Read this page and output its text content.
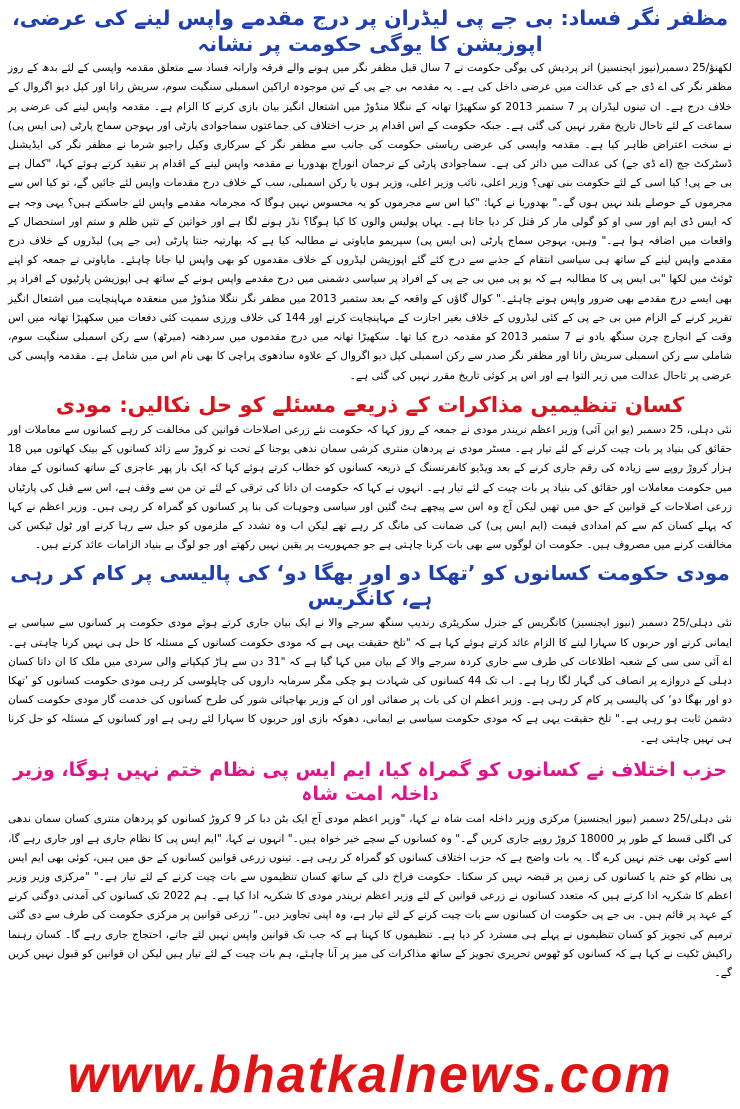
مظفر نگر فساد: بی جے پی لیڈران پر درج مقدمے واپس لینے کی عرضی، اپوزیشن کا یوگی حکومت پر نشانہ

لکھنؤ/25 دسمبر(نیوز ایجنسیز) اتر پردیش کی یوگی حکومت نے 7 سال قبل مظفر نگر میں ہونے والے فرقہ وارانہ فساد سے متعلق مقدمہ واپسی کے لئے بدھ کے روز مظفر نگر کی اے ڈی جے کی عدالت میں عرضی داخل کی ہے۔ یہ مقدمہ بی جے پی کے تین موجودہ اراکین اسمبلی سنگیت سوم، سریش رانا اور کپل دیو اگروال کے خلاف درج ہے۔ ان تینوں لیڈران پر 7 ستمبر 2013 کو سکھیڑا تھانہ کے ننگلا منڈوڑ میں اشتعال انگیز بیان بازی کرنے کا الزام ہے۔ مقدمہ واپس لینے کی عرضی پر سماعت کے لئے تاحال تاریخ مقرر نہیں کی گئی ہے۔ جبکہ حکومت کے اس اقدام پر حزب اختلاف کی جماعتوں سماجوادی پارٹی اور بہوجن سماج پارٹی (بی ایس پی) نے سخت اعتراض ظاہر کیا ہے۔ مقدمہ واپسی کی عرضی ریاستی حکومت کی جانب سے مظفر نگر کے سرکاری وکیل راجیو شرما نے مظفر نگر کی ایڈیشنل ڈسٹرکٹ جج (اے ڈی جے) کی عدالت میں دائر کی ہے۔ سماجوادی پارٹی کے ترجمان انوراج بھدوریا نے مقدمہ واپس لینے کے اقدام پر تنقید کرتے ہوئے کہا، "کمال ہے بی جے پی! کیا اسی کے لئے حکومت بنی تھی؟ وزیر اعلی، نائب وزیر اعلی، وزیر ہوں یا رکن اسمبلی، سب کے خلاف درج مقدمات واپس لئے جائیں گے، تو کیا اس سے مجرموں کے حوصلے بلند نہیں ہوں گے۔" بھدوریا نے کہا: "کیا اس سے مجرموں کو یہ محسوس نہیں ہوگا کہ مجرمانہ مقدمے واپس لئے جاسکتے ہیں؟ یہی وجہ ہے کہ ایس ڈی ایم اور سی او کو گولی مار کر قتل کر دیا جاتا ہے۔ یہاں پولیس والوں کا کیا ہوگا؟ نڈر ہونے لگا ہے اور خواتین کے تئیں ظلم و ستم اور استحصال کے واقعات میں اضافہ ہوا ہے۔" وہیں، بہوجن سماج پارٹی (بی ایس پی) سپریمو مایاوتی نے مطالبہ کیا ہے کہ بھارتیہ جنتا پارٹی (بی جے پی) لیڈروں کے خلاف درج مقدمے واپس لینے کے ساتھ ہی سیاسی انتقام کے جذبے سے درج کئے گئے اپوزیشن لیڈروں کے خلاف مقدموں کو بھی واپس لیا جانا چاہئے۔ مایاوتی نے جمعہ کو اپنے ٹوئٹ میں لکھا "بی ایس پی کا مطالبہ ہے کہ یو پی میں بی جے پی کے افراد پر سیاسی دشمنی میں درج مقدمے واپس ہونے کے ساتھ ہی اپوزیشن پارٹیوں کے افراد پر بھی ایسے درج مقدمے بھی ضرور واپس ہونے چاہئے۔" کوال گاؤں کے واقعہ کے بعد ستمبر 2013 میں مظفر نگر ننگلا منڈوڑ میں منعقدہ مہاپنچایت میں اشتعال انگیز تقریر کرنے کے الزام میں بی جے پی کے کئی لیڈروں کے خلاف بغیر اجازت کے مہاپنچایت کرنے اور 144 کی خلاف ورزی سمیت کئی دفعات میں سکھیڑا تھانہ میں اس وقت کے انچارج چرن سنگھ یادو نے 7 ستمبر 2013 کو مقدمہ درج کیا تھا۔ سکھیڑا تھانہ میں درج مقدموں میں سردھنہ (میرٹھ) سے رکن اسمبلی سنگیت سوم، شاملی سے رکن اسمبلی سریش رانا اور مظفر نگر صدر سے رکن اسمبلی کپل دیو اگروال کے علاوہ سادھوی پراچی کا بھی نام اس میں شامل ہے۔ مقدمہ واپسی کی عرضی پر تاحال عدالت میں زیر التوا ہے اور اس پر کوئی تاریخ مقرر نہیں کی گئی ہے۔

کسان تنظیمیں مذاکرات کے ذریعے مسئلے کو حل نکالیں: مودی

نئی دہلی، 25 دسمبر (یو این آئی) وزیر اعظم نریندر مودی نے جمعہ کے روز کہا کہ حکومت نئے زرعی اصلاحات قوانین کی مخالفت کر رہے کسانوں سے معاملات اور حقائق کی بنیاد پر بات چیت کرنے کے لئے تیار ہے۔ مسٹر مودی نے پردھان منتری کرشی سمان ندھی یوجنا کے تحت نو کروڑ سے زائد کسانوں کے بینک کھاتوں میں 18 ہزار کروڑ روپے سے زیادہ کی رقم جاری کرنے کے بعد ویڈیو کانفرنسنگ کے ذریعہ کسانوں کو خطاب کرتے ہوئے کہا کہ ایک بار پھر عاجزی کے ساتھ کسانوں کے مفاد میں حکومت معاملات اور حقائق کی بنیاد پر بات چیت کے لئے تیار ہے۔ انہوں نے کہا کہ حکومت ان داتا کی ترقی کے لئے تن من سے وقف ہے، اس سے قبل کی پارٹیاں زرعی اصلاحات کے قوانین کے حق میں تھیں لیکن آج وہ اس سے پیچھے ہٹ گئیں اور سیاسی وجوہات کی بنا پر کسانوں کو گمراہ کر رہی ہیں۔ وزیر اعظم نے کہا کہ پہلے کسان کم سے کم امدادی قیمت (ایم ایس پی) کی ضمانت کی مانگ کر رہے تھے لیکن اب وہ تشدد کے ملزموں کو جیل سے رہا کرنے اور ٹول ٹیکس کی مخالفت کرنے میں مصروف ہیں۔ حکومت ان لوگوں سے بھی بات کرنا چاہتی ہے جو جمہوریت پر یقین نہیں رکھتے اور جو لوگ بے بنیاد الزامات عائد کرتے ہیں۔

مودی حکومت کسانوں کو ’تھکا دو اور بھگا دو‘ کی پالیسی پر کام کر رہی ہے، کانگریس

نئی دہلی/25 دسمبر (نیوز ایجنسیز) کانگریس کے جنرل سکریٹری رندیپ سنگھ سرجے والا نے ایک بیان جاری کرتے ہوئے مودی حکومت پر کسانوں سے سیاسی بے ایمانی کرنے اور حربوں کا سہارا لینے کا الزام عائد کرتے ہوئے کہا ہے کہ "تلخ حقیقت یہی ہے کہ مودی حکومت کسانوں کے مسئلہ کا حل ہی نہیں کرنا چاہتی ہے۔ اے آئی سی سی کے شعبہ اطلاعات کی طرف سے جاری کردہ سرجے والا کے بیان میں کہا گیا ہے کہ "31 دن سے ہاڑ کپکپانے والی سردی میں ملک کا ان داتا کسان دہلی کے دروازے پر انصاف کی گہار لگا رہا ہے۔ اب تک 44 کسانوں کی شہادت ہو چکی مگر سرمایہ داروں کی چاپلوسی کر رہی مودی حکومت کسانوں کو ’تھکا دو اور بھگا دو‘ کی پالیسی پر کام کر رہی ہے۔ وزیر اعظم ان کی بات پر صفائی اور ان کے وزیر بھاجپائی شور کی طرح کسانوں کی خدمت گار مودی حکومت کسان دشمن ثابت ہو رہی ہے۔" تلخ حقیقت یہی ہے کہ مودی حکومت سیاسی بے ایمانی، دھوکہ بازی اور حربوں کا سہارا لئے رہی ہے اور کسانوں کے مسئلہ کو حل کرنا ہی نہیں چاہتی ہے۔

حزب اختلاف نے کسانوں کو گمراہ کیا، ایم ایس پی نظام ختم نہیں ہوگا، وزیر داخلہ امت شاہ

نئی دہلی/25 دسمبر (نیوز ایجنسیز) مرکزی وزیر داخلہ امت شاہ نے کہا، "وزیر اعظم مودی آج ایک بٹن دبا کر 9 کروڑ کسانوں کو پردھان منتری کسان سمان ندھی کی اگلی قسط کے طور پر 18000 کروڑ روپے جاری کریں گے۔" وہ کسانوں کے سچے خیر خواہ ہیں۔" انہوں نے کہا، "ایم ایس پی کا نظام جاری ہے اور جاری رہے گا، اسے کوئی بھی ختم نہیں کرے گا۔ یہ بات واضح ہے کہ حزب اختلاف کسانوں کو گمراہ کر رہی ہے۔ تینوں زرعی قوانین کسانوں کے حق میں ہیں، کوئی بھی ایم ایس پی نظام کو ختم یا کسانوں کی زمین پر قبضہ نہیں کر سکتا۔ حکومت فراخ دلی کے ساتھ کسان تنظیموں سے بات چیت کرنے کے لئے تیار ہے۔" "مرکزی وزیر وزیر اعظم کا شکریہ ادا کرتے ہیں کہ متعدد کسانوں نے زرعی قوانین کے لئے وزیر اعظم نریندر مودی کا شکریہ ادا کیا ہے۔ ہم 2022 تک کسانوں کی آمدنی دوگنی کرنے کے عہد پر قائم ہیں۔ بی جے پی حکومت ان کسانوں سے بات چیت کرنے کے لئے تیار ہے، وہ اپنی تجاویز دیں۔" زرعی قوانین پر مرکزی حکومت کی طرف سے دی گئی ترمیم کی تجویز کو کسان تنظیموں نے پہلے ہی مسترد کر دیا ہے۔ تنظیموں کا کہنا ہے کہ جب تک قوانین واپس نہیں لئے جاتے، احتجاج جاری رہے گا۔ کسان رہنما راکیش ٹکیت نے کہا ہے کہ کسانوں کو ٹھوس تحریری تجویز کے ساتھ مذاکرات کی میز پر آنا چاہئے، ہم بات چیت کے لئے تیار ہیں لیکن ان قوانین کو قبول نہیں کریں گے۔

www.bhatkalnews.com
